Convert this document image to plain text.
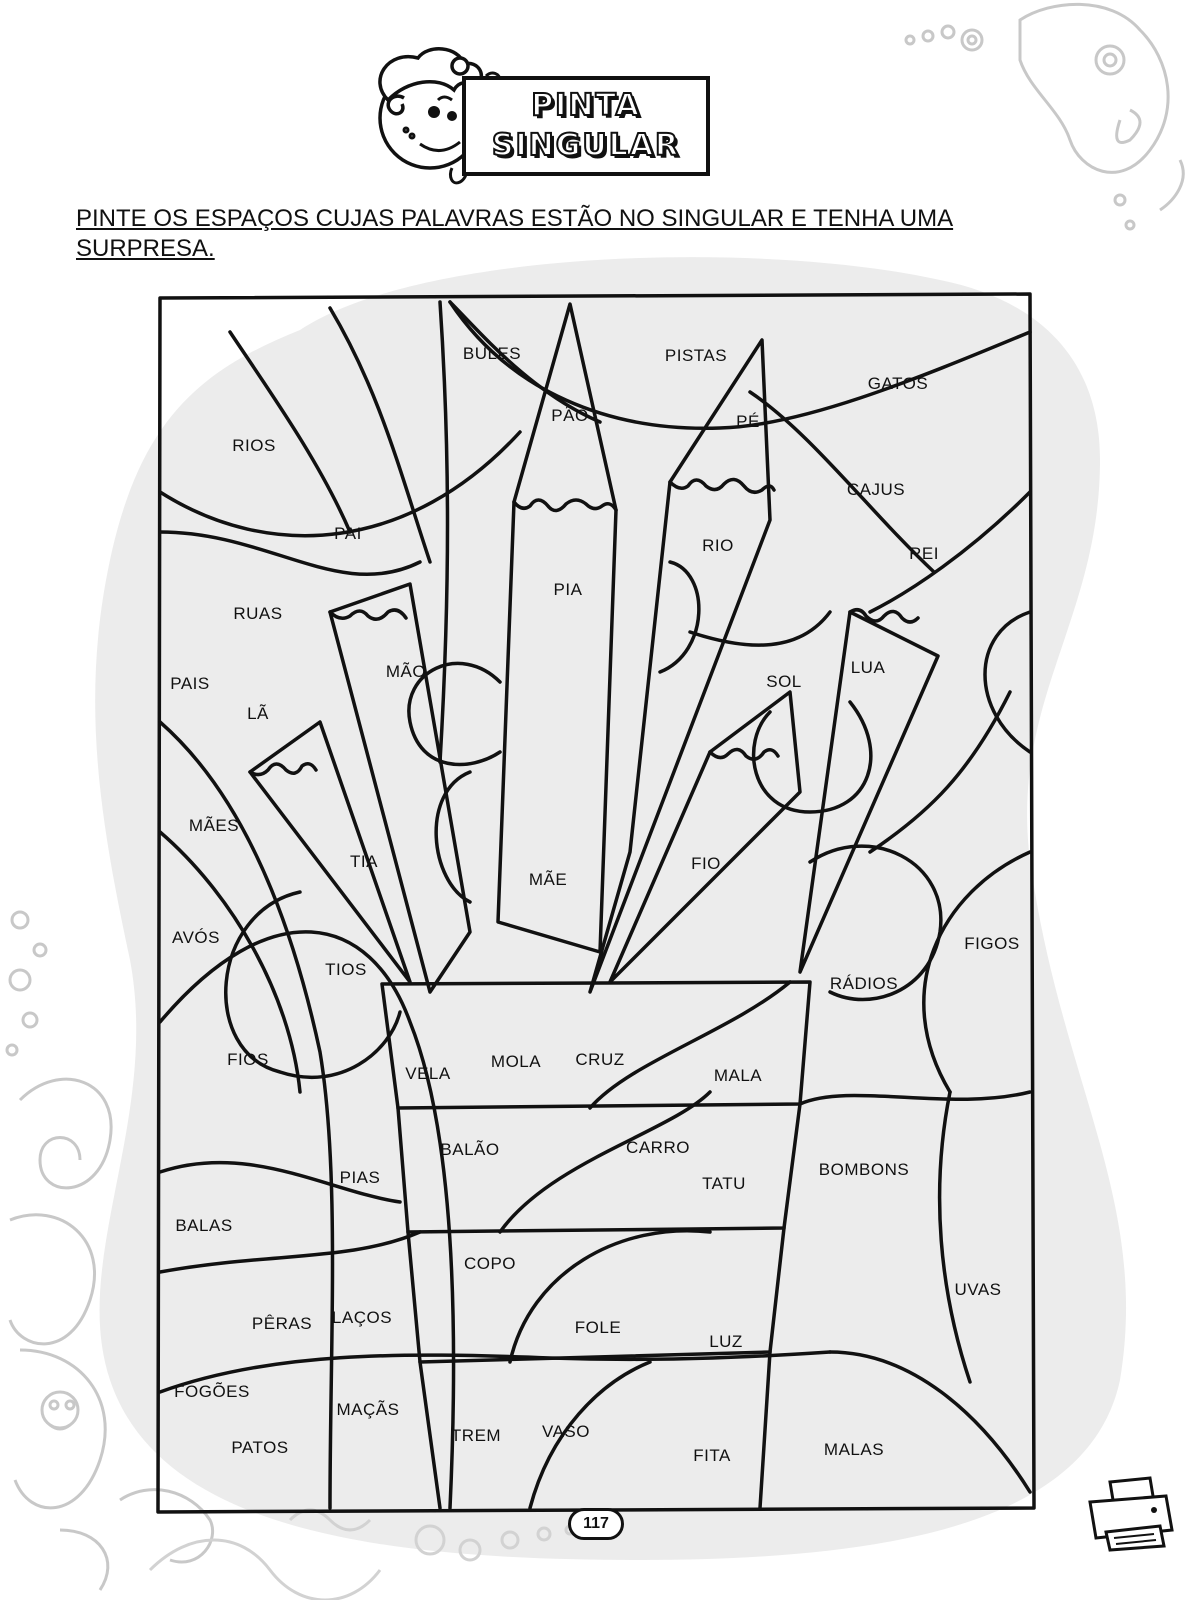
PINTA
SINGULAR
PINTE OS ESPAÇOS CUJAS PALAVRAS ESTÃO NO SINGULAR E TENHA UMA SURPRESA.
BULES	PISTAS
GATOS
PÃO	PÉ
RIOS
CAJUS
PAI
RIO	REI
PIA
RUAS
LUA
SOL
MÃO
PAIS
LÃ
MÃES
TIA	FIO
MÃE
AVÓS	FIGOS
TIOS
RÁDIOS
FIOS
VELA
MOLA CRUZ
MALA
BALÃO	CARRO
TATU
BOMBONS
PIAS
BALAS
COPO
UVAS
PÊRAS LAÇOS
FOLE
LUZ
FOGÕES
MAÇÃS
TREM VASO
FITA	MALAS
PATOS
117
